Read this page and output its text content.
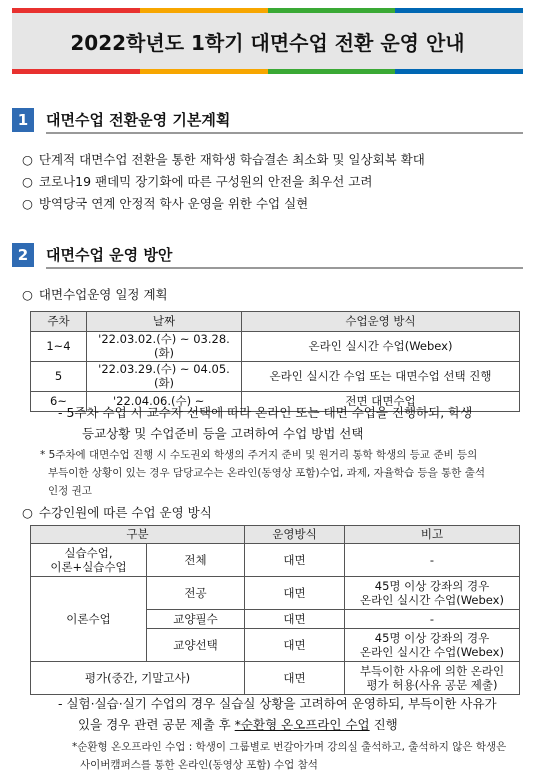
2022학년도 1학기 대면수업 전환 운영 안내
1	대면수업 전환운영 기본계획
○ 단계적 대면수업 전환을 통한 재학생 학습결손 최소화 및 일상회복 확대
○ 코로나19 팬데믹 장기화에 따른 구성원의 안전을 최우선 고려
○ 방역당국 연계 안정적 학사 운영을 위한 수업 실현
2	대면수업 운영 방안
○ 대면수업운영 일정 계획
주차	날짜	수업운영 방식
1~4	'22.03.02.(수) ~ 03.28.(화)	온라인 실시간 수업(Webex)
5	'22.03.29.(수) ~ 04.05.(화)	온라인 실시간 수업 또는 대면수업 선택 진행
6~	'22.04.06.(수) ~	전면 대면수업
- 5주차 수업 시 교수자 선택에 따라 온라인 또는 대면 수업을 진행하되, 학생
등교상황 및 수업준비 등을 고려하여 수업 방법 선택
* 5주차에 대면수업 진행 시 수도권외 학생의 주거지 준비 및 원거리 통학 학생의 등교 준비 등의
부득이한 상황이 있는 경우 담당교수는 온라인(동영상 포함)수업, 과제, 자율학습 등을 통한 출석
인정 권고
○ 수강인원에 따른 수업 운영 방식
구분		운영방식	비고

실습수업,
이론+실습수업	전체	대면	-
이론수업	전공	대면	45명 이상 강좌의 경우
온라인 실시간 수업(Webex)

	교양필수	대면	-
	교양선택	대면	45명 이상 강좌의 경우
온라인 실시간 수업(Webex)

평가(중간, 기말고사)		대면	부득이한 사유에 의한 온라인
평가 허용(사유 공문 제출)
- 실험·실습·실기 수업의 경우 실습실 상황을 고려하여 운영하되, 부득이한 사유가
있을 경우 관련 공문 제출 후 *순환형 온오프라인 수업 진행
*순환형 온오프라인 수업 : 학생이 그룹별로 번갈아가며 강의실 출석하고, 출석하지 않은 학생은
사이버캠퍼스를 통한 온라인(동영상 포함) 수업 참석
